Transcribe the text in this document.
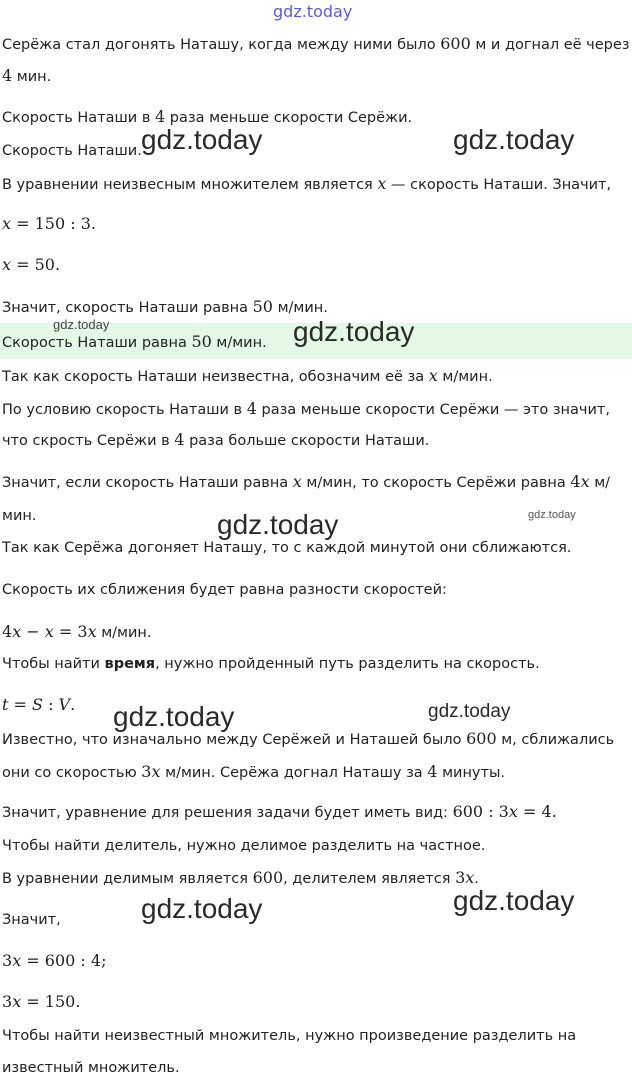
gdz.today
gdz.today	gdz.today
gdz.today	gdz.today
gdz.today	gdz.today
gdz.today	gdz.today
gdz.today	gdz.today
Серёжа стал догонять Наташу, когда между ними было 600 м и догнал её через
4 мин.
Скорость Наташи в 4 раза меньше скорости Серёжи.
Скорость Наташи.
В уравнении неизвесным множителем является x — скорость Наташи. Значит,
x = 150 : 3.
x = 50.
Значит, скорость Наташи равна 50 м/мин.
Скорость Наташи равна 50 м/мин.
Так как скорость Наташи неизвестна, обозначим её за x м/мин.
По условию скорость Наташи в 4 раза меньше скорости Серёжи — это значит,
что скрость Серёжи в 4 раза больше скорости Наташи.
Значит, если скорость Наташи равна x м/мин, то скорость Серёжи равна 4x м/
мин.
Так как Серёжа догоняет Наташу, то с каждой минутой они сближаются.
Скорость их сближения будет равна разности скоростей:
4x − x = 3x м/мин.
Чтобы найти время, нужно пройденный путь разделить на скорость.
t = S : V.
Известно, что изначально между Серёжей и Наташей было 600 м, сближались
они со скоростью 3x м/мин. Серёжа догнал Наташу за 4 минуты.
Значит, уравнение для решения задачи будет иметь вид: 600 : 3x = 4.
Чтобы найти делитель, нужно делимое разделить на частное.
В уравнении делимым является 600, делителем является 3x.
Значит,
3x = 600 : 4;
3x = 150.
Чтобы найти неизвестный множитель, нужно произведение разделить на
известный множитель.
